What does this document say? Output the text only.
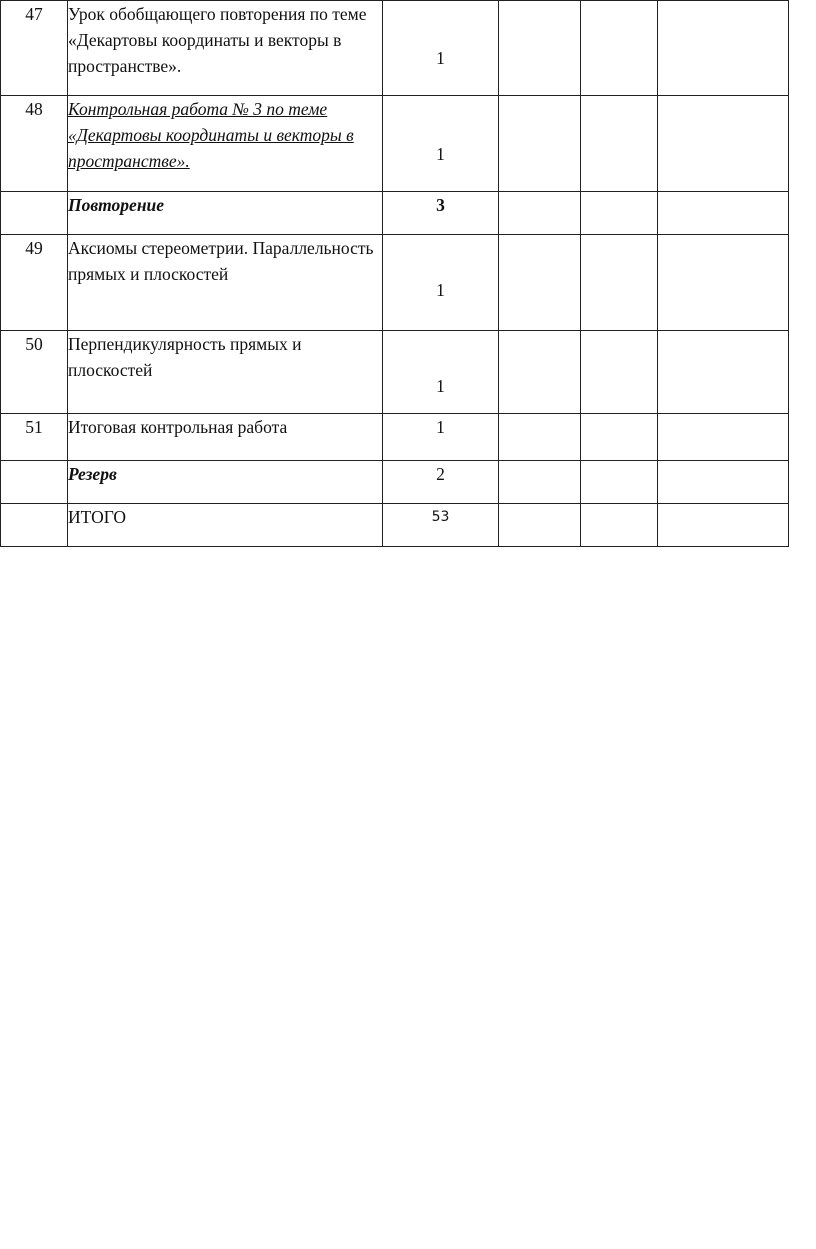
47	Урок обобщающего повторения по теме «Декартовы координаты и векторы в пространстве».	1			

48	Контрольная работа № 3 по теме «Декартовы координаты и векторы в пространстве».	1			

	Повторение	3			

49	Аксиомы стереометрии. Параллельность прямых и плоскостей	1			

50	Перпендикулярность прямых и плоскостей	1			

51	Итоговая контрольная работа	1			

	Резерв	2			

	ИТОГО	53			
